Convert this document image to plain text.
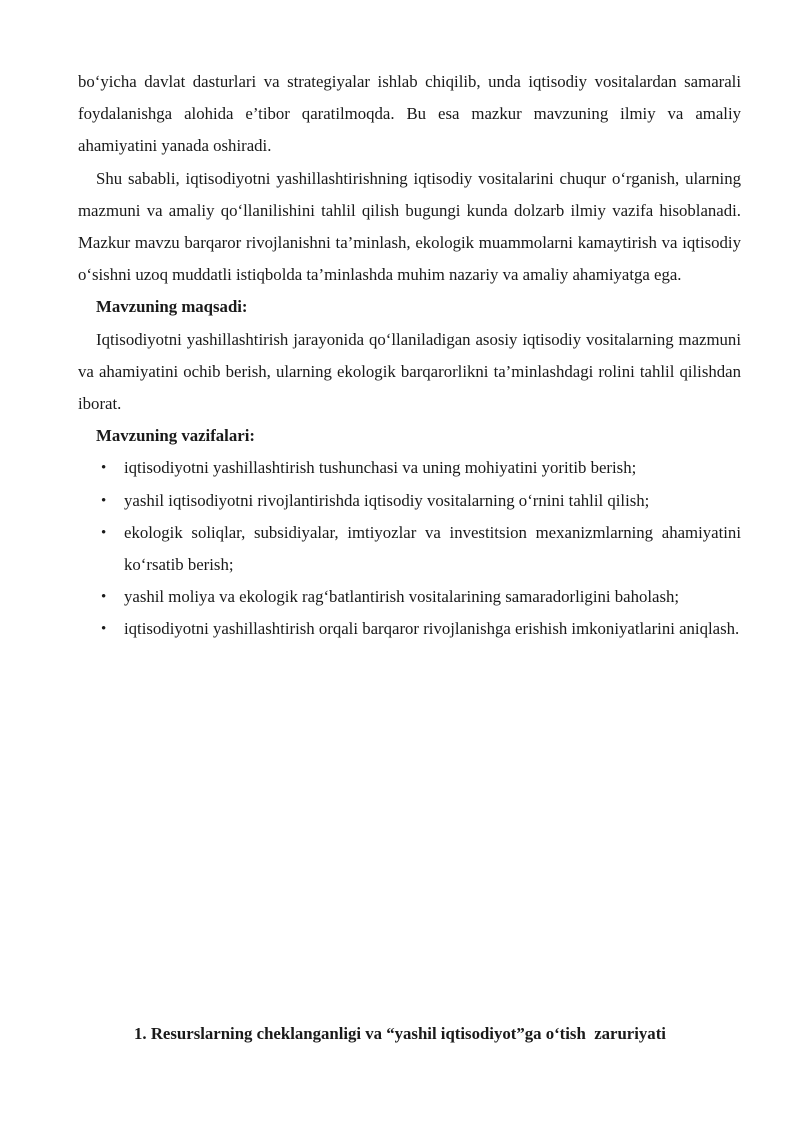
bo‘yicha davlat dasturlari va strategiyalar ishlab chiqilib, unda iqtisodiy vositalardan samarali foydalanishga alohida e’tibor qaratilmoqda. Bu esa mazkur mavzuning ilmiy va amaliy ahamiyatini yanada oshiradi.

Shu sababli, iqtisodiyotni yashillashtirishning iqtisodiy vositalarini chuqur o‘rganish, ularning mazmuni va amaliy qo‘llanilishini tahlil qilish bugungi kunda dolzarb ilmiy vazifa hisoblanadi. Mazkur mavzu barqaror rivojlanishni ta’minlash, ekologik muammolarni kamaytirish va iqtisodiy o‘sishni uzoq muddatli istiqbolda ta’minlashda muhim nazariy va amaliy ahamiyatga ega.

Mavzuning maqsadi:

Iqtisodiyotni yashillashtirish jarayonida qo‘llaniladigan asosiy iqtisodiy vositalarning mazmuni va ahamiyatini ochib berish, ularning ekologik barqarorlikni ta’minlashdagi rolini tahlil qilishdan iborat.

Mavzuning vazifalari:

• iqtisodiyotni yashillashtirish tushunchasi va uning mohiyatini yoritib berish;
• yashil iqtisodiyotni rivojlantirishda iqtisodiy vositalarning o‘rnini tahlil qilish;
• ekologik soliqlar, subsidiyalar, imtiyozlar va investitsion mexanizmlarning ahamiyatini ko‘rsatib berish;
• yashil moliya va ekologik rag‘batlantirish vositalarining samaradorligini baholash;
• iqtisodiyotni yashillashtirish orqali barqaror rivojlanishga erishish imkoniyatlarini aniqlash.
1. Resurslarning cheklanganligi va “yashil iqtisodiyot”ga o‘tish  zaruriyati
